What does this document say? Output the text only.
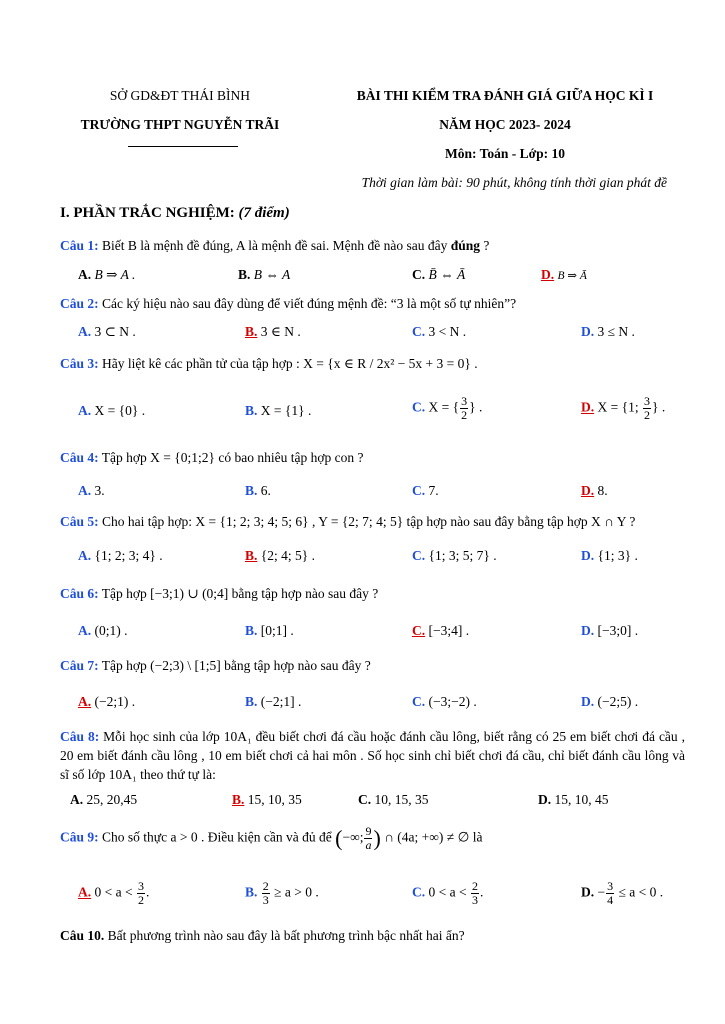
SỞ GD&ĐT THÁI BÌNH
TRƯỜNG THPT NGUYỄN TRÃI
BÀI THI KIỂM TRA ĐÁNH GIÁ GIỮA HỌC KÌ I
NĂM HỌC 2023- 2024
Môn: Toán - Lớp: 10
Thời gian làm bài: 90 phút, không tính thời gian phát đề
I. PHẦN TRẮC NGHIỆM: (7 điểm)
Câu 1: Biết B là mệnh đề đúng, A là mệnh đề sai. Mệnh đề nào sau đây đúng ?
A. B ⇒ A .	B. B ⇔ A	C. B̄ ⇔ Ā	D. B ⇒ Ā
Câu 2: Các ký hiệu nào sau đây dùng để viết đúng mệnh đề: “3 là một số tự nhiên”?
A. 3 ⊂ N .	B. 3 ∈ N .	C. 3 < N .	D. 3 ≤ N .
Câu 3: Hãy liệt kê các phần tử của tập hợp : X = {x ∈ R / 2x² − 5x + 3 = 0} .
A. X = {0} .	B. X = {1} .	C. X = { $\frac{3}{2}$ } .	D. X = {1; $\frac{3}{2}$ } .
Câu 4: Tập hợp X = {0;1;2} có bao nhiêu tập hợp con ?
A. 3.	B. 6.	C. 7.	D. 8.
Câu 5: Cho hai tập hợp: X = {1; 2; 3; 4; 5; 6} , Y = {2; 7; 4; 5} tập hợp nào sau đây bằng tập hợp X ∩ Y ?
A. {1; 2; 3; 4} .	B. {2; 4; 5} .	C. {1; 3; 5; 7} .	D. {1; 3} .
Câu 6: Tập hợp [−3;1) ∪ (0;4] bằng tập hợp nào sau đây ?
A. (0;1) .	B. [0;1] .	C. [−3;4] .	D. [−3;0] .
Câu 7: Tập hợp (−2;3) \ [1;5] bằng tập hợp nào sau đây ?
A. (−2;1) .	B. (−2;1] .	C. (−3;−2) .	D. (−2;5) .
Câu 8: Mỗi học sinh của lớp 10A₁ đều biết chơi đá cầu hoặc đánh cầu lông, biết rằng có 25 em biết chơi đá cầu , 20 em biết đánh cầu lông , 10 em biết chơi cả hai môn . Số học sinh chỉ biết chơi đá cầu, chỉ biết đánh cầu lông và sĩ số lớp 10A₁ theo thứ tự là:
A. 25, 20,45	B. 15, 10, 35	C. 10, 15, 35	D. 15, 10, 45
Câu 9: Cho số thực a > 0 . Điều kiện cần và đủ để (−∞; $\frac{9}{a}$ ) ∩ (4a; +∞) ≠ ∅ là
A. $0 < a < \frac{3}{2}$ .	B. $\frac{2}{3} \ge a > 0$ .	C. $0 < a < \frac{2}{3}$ .	D. − $\frac{3}{4} \le a < 0$ .
Câu 10. Bất phương trình nào sau đây là bất phương trình bậc nhất hai ẩn?
